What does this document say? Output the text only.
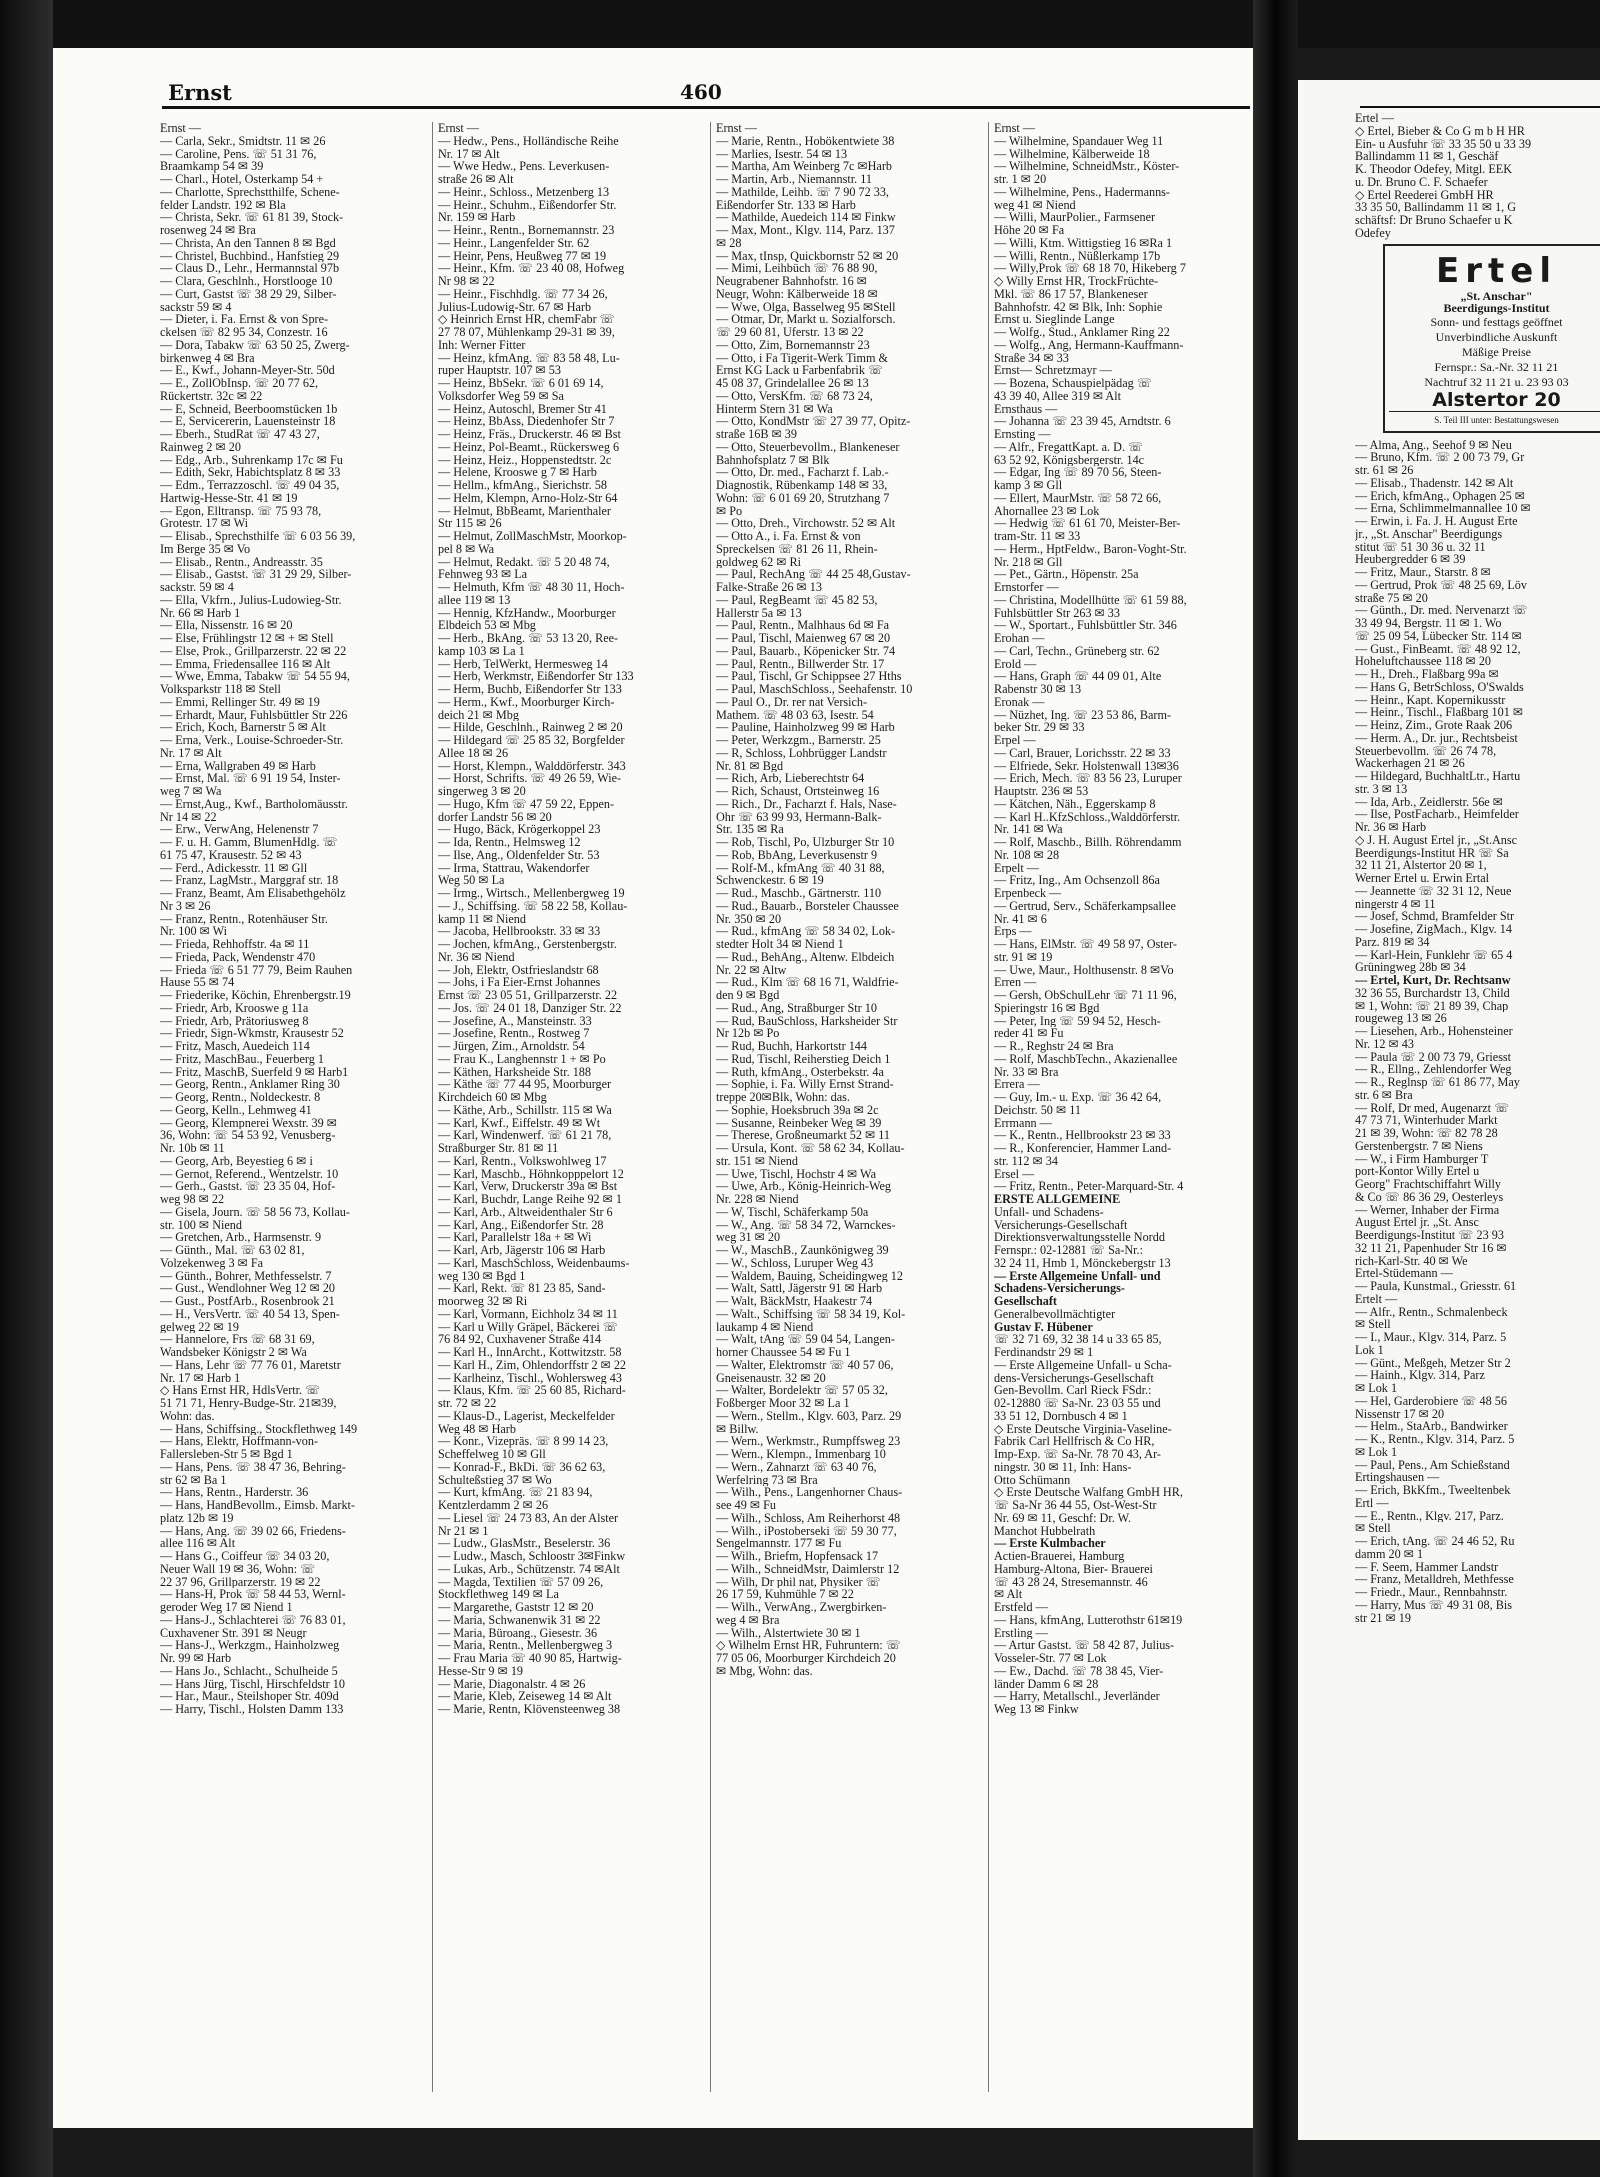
Ernst	460
Ernst —
— Carla, Sekr., Smidtstr. 11 ✉ 26
— Caroline, Pens. ☏ 51 31 76,
Braamkamp 54 ✉ 39
— Charl., Hotel, Osterkamp 54 +
— Charlotte, Sprechstthilfe, Schene-
felder Landstr. 192 ✉ Bla
— Christa, Sekr. ☏ 61 81 39, Stock-
rosenweg 24 ✉ Bra
— Christa, An den Tannen 8 ✉ Bgd
— Christel, Buchbind., Hanfstieg 29
— Claus D., Lehr., Hermannstal 97b
— Clara, Geschlnh., Horstlooge 10
— Curt, Gastst ☏ 38 29 29, Silber-
sackstr 59 ✉ 4
— Dieter, i. Fa. Ernst & von Spre-
ckelsen ☏ 82 95 34, Conzestr. 16
— Dora, Tabakw ☏ 63 50 25, Zwerg-
birkenweg 4 ✉ Bra
— E., Kwf., Johann-Meyer-Str. 50d
— E., ZollObInsp. ☏ 20 77 62,
Rückertstr. 32c ✉ 22
— E, Schneid, Beerboomstücken 1b
— E, Servicererin, Lauensteinstr 18
— Eberh., StudRat ☏ 47 43 27,
Rainweg 2 ✉ 20
— Edg., Arb., Suhrenkamp 17c ✉ Fu
— Edith, Sekr, Habichtsplatz 8 ✉ 33
— Edm., Terrazzoschl. ☏ 49 04 35,
Hartwig-Hesse-Str. 41 ✉ 19
— Egon, Elltransp. ☏ 75 93 78,
Grotestr. 17 ✉ Wi
— Elisab., Sprechsthilfe ☏ 6 03 56 39,
Im Berge 35 ✉ Vo
— Elisab., Rentn., Andreasstr. 35
— Elisab., Gastst. ☏ 31 29 29, Silber-
sackstr. 59 ✉ 4
— Ella, Vkfrn., Julius-Ludowieg-Str.
Nr. 66 ✉ Harb 1
— Ella, Nissenstr. 16 ✉ 20
— Else, Frühlingstr 12 ✉ + ✉ Stell
— Else, Prok., Grillparzerstr. 22 ✉ 22
— Emma, Friedensallee 116 ✉ Alt
— Wwe, Emma, Tabakw ☏ 54 55 94,
Volksparkstr 118 ✉ Stell
— Emmi, Rellinger Str. 49 ✉ 19
— Erhardt, Maur, Fuhlsbüttler Str 226
— Erich, Koch, Barnerstr 5 ✉ Alt
— Erna, Verk., Louise-Schroeder-Str.
Nr. 17 ✉ Alt
— Erna, Wallgraben 49 ✉ Harb
— Ernst, Mal. ☏ 6 91 19 54, Inster-
weg 7 ✉ Wa
— Ernst,Aug., Kwf., Bartholomäusstr.
Nr 14 ✉ 22
— Erw., VerwAng, Helenenstr 7
— F. u. H. Gamm, BlumenHdlg. ☏
61 75 47, Krausestr. 52 ✉ 43
— Ferd., Adickesstr. 11 ✉ Gll
— Franz, LagMstr., Marggraf str. 18
— Franz, Beamt, Am Elisabethgehölz
Nr 3 ✉ 26
— Franz, Rentn., Rotenhäuser Str.
Nr. 100 ✉ Wi
— Frieda, Rehhoffstr. 4a ✉ 11
— Frieda, Pack, Wendenstr 470
— Frieda ☏ 6 51 77 79, Beim Rauhen
Hause 55 ✉ 74
— Friederike, Köchin, Ehrenbergstr.19
— Friedr, Arb, Krooswe g 11a
— Friedr, Arb, Prätoriusweg 8
— Friedr, Sign-Wkmstr, Krausestr 52
— Fritz, Masch, Auedeich 114
— Fritz, MaschBau., Feuerberg 1
— Fritz, MaschB, Suerfeld 9 ✉ Harb1
— Georg, Rentn., Anklamer Ring 30
— Georg, Rentn., Noldeckestr. 8
— Georg, Kelln., Lehmweg 41
— Georg, Klempnerei Wexstr. 39 ✉
36, Wohn: ☏ 54 53 92, Venusberg-
Nr. 10b ✉ 11
— Georg, Arb, Beyestieg 6 ✉ i
— Gernot, Referend., Wentzelstr. 10
— Gerh., Gastst. ☏ 23 35 04, Hof-
weg 98 ✉ 22
— Gisela, Journ. ☏ 58 56 73, Kollau-
str. 100 ✉ Niend
— Gretchen, Arb., Harmsenstr. 9
— Günth., Mal. ☏ 63 02 81,
Volzekenweg 3 ✉ Fa
— Günth., Bohrer, Methfesselstr. 7
— Gust., Wendlohner Weg 12 ✉ 20
— Gust., PostfArb., Rosenbrook 21
— H., VersVertr. ☏ 40 54 13, Spen-
gelweg 22 ✉ 19
— Hannelore, Frs ☏ 68 31 69,
Wandsbeker Königstr 2 ✉ Wa
— Hans, Lehr ☏ 77 76 01, Maretstr
Nr. 17 ✉ Harb 1
◇ Hans Ernst HR, HdlsVertr. ☏
51 71 71, Henry-Budge-Str. 21✉39,
Wohn: das.
— Hans, Schiffsing., Stockflethweg 149
— Hans, Elektr, Hoffmann-von-
Fallersleben-Str 5 ✉ Bgd 1
— Hans, Pens. ☏ 38 47 36, Behring-
str 62 ✉ Ba 1
— Hans, Rentn., Harderstr. 36
— Hans, HandBevollm., Eimsb. Markt-
platz 12b ✉ 19
— Hans, Ang. ☏ 39 02 66, Friedens-
allee 116 ✉ Alt
— Hans G., Coiffeur ☏ 34 03 20,
Neuer Wall 19 ✉ 36, Wohn: ☏
22 37 96, Grillparzerstr. 19 ✉ 22
— Hans-H, Prok ☏ 58 44 53, Wernl-
geroder Weg 17 ✉ Niend 1
— Hans-J., Schlachterei ☏ 76 83 01,
Cuxhavener Str. 391 ✉ Neugr
— Hans-J., Werkzgm., Hainholzweg
Nr. 99 ✉ Harb
— Hans Jo., Schlacht., Schulheide 5
— Hans Jürg, Tischl, Hirschfeldstr 10
— Har., Maur., Steilshoper Str. 409d
— Harry, Tischl., Holsten Damm 133
Ernst —
— Hedw., Pens., Holländische Reihe
Nr. 17 ✉ Alt
— Wwe Hedw., Pens. Leverkusen-
straße 26 ✉ Alt
— Heinr., Schloss., Metzenberg 13
— Heinr., Schuhm., Eißendorfer Str.
Nr. 159 ✉ Harb
— Heinr., Rentn., Bornemannstr. 23
— Heinr., Langenfelder Str. 62
— Heinr, Pens, Heußweg 77 ✉ 19
— Heinr., Kfm. ☏ 23 40 08, Hofweg
Nr 98 ✉ 22
— Heinr., Fischhdlg. ☏ 77 34 26,
Julius-Ludowig-Str. 67 ✉ Harb
◇ Heinrich Ernst HR, chemFabr ☏
27 78 07, Mühlenkamp 29-31 ✉ 39,
Inh: Werner Fitter
— Heinz, kfmAng. ☏ 83 58 48, Lu-
ruper Hauptstr. 107 ✉ 53
— Heinz, BbSekr. ☏ 6 01 69 14,
Volksdorfer Weg 59 ✉ Sa
— Heinz, Autoschl, Bremer Str 41
— Heinz, BbAss, Diedenhofer Str 7
— Heinz, Fräs., Druckerstr. 46 ✉ Bst
— Heinz, Pol-Beamt., Rückersweg 6
— Heinz, Heiz., Hoppenstedtstr. 2c
— Helene, Krooswe g 7 ✉ Harb
— Hellm., kfmAng., Sierichstr. 58
— Helm, Klempn, Arno-Holz-Str 64
— Helmut, BbBeamt, Marienthaler
Str 115 ✉ 26
— Helmut, ZollMaschMstr, Moorkop-
pel 8 ✉ Wa
— Helmut, Redakt. ☏ 5 20 48 74,
Fehnweg 93 ✉ La
— Helmuth, Kfm ☏ 48 30 11, Hoch-
allee 119 ✉ 13
— Hennig, KfzHandw., Moorburger
Elbdeich 53 ✉ Mbg
— Herb., BkAng. ☏ 53 13 20, Ree-
kamp 103 ✉ La 1
— Herb, TelWerkt, Hermesweg 14
— Herb, Werkmstr, Eißendorfer Str 133
— Herm, Buchb, Eißendorfer Str 133
— Herm., Kwf., Moorburger Kirch-
deich 21 ✉ Mbg
— Hilde, Geschlnh., Rainweg 2 ✉ 20
— Hildegard ☏ 25 85 32, Borgfelder
Allee 18 ✉ 26
— Horst, Klempn., Walddörferstr. 343
— Horst, Schrifts. ☏ 49 26 59, Wie-
singerweg 3 ✉ 20
— Hugo, Kfm ☏ 47 59 22, Eppen-
dorfer Landstr 56 ✉ 20
— Hugo, Bäck, Krögerkoppel 23
— Ida, Rentn., Helmsweg 12
— Ilse, Ang., Oldenfelder Str. 53
— Irma, Stattrau, Wakendorfer
Weg 50 ✉ La
— Irmg., Wirtsch., Mellenbergweg 19
— J., Schiffsing. ☏ 58 22 58, Kollau-
kamp 11 ✉ Niend
— Jacoba, Hellbrookstr. 33 ✉ 33
— Jochen, kfmAng., Gerstenbergstr.
Nr. 36 ✉ Niend
— Joh, Elektr, Ostfrieslandstr 68
— Johs, i Fa Eier-Ernst Johannes
Ernst ☏ 23 05 51, Grillparzerstr. 22
— Jos. ☏ 24 01 18, Danziger Str. 22
— Josefine, A., Mansteinstr. 33
— Josefine, Rentn., Rostweg 7
— Jürgen, Zim., Arnoldstr. 54
— Frau K., Langhennstr 1 + ✉ Po
— Käthen, Harksheide Str. 188
— Käthe ☏ 77 44 95, Moorburger
Kirchdeich 60 ✉ Mbg
— Käthe, Arb., Schillstr. 115 ✉ Wa
— Karl, Kwf., Eiffelstr. 49 ✉ Wt
— Karl, Windenwerf. ☏ 61 21 78,
Straßburger Str. 81 ✉ 11
— Karl, Rentn., Volkswohlweg 17
— Karl, Maschb., Höhnkopppelort 12
— Karl, Verw, Druckerstr 39a ✉ Bst
— Karl, Buchdr, Lange Reihe 92 ✉ 1
— Karl, Arb., Altweidenthaler Str 6
— Karl, Ang., Eißendorfer Str. 28
— Karl, Parallelstr 18a + ✉ Wi
— Karl, Arb, Jägerstr 106 ✉ Harb
— Karl, MaschSchloss, Weidenbaums-
weg 130 ✉ Bgd 1
— Karl, Rekt. ☏ 81 23 85, Sand-
moorweg 32 ✉ Ri
— Karl, Vormann, Eichholz 34 ✉ 11
— Karl u Willy Gräpel, Bäckerei ☏
76 84 92, Cuxhavener Straße 414
— Karl H., InnArcht., Kottwitzstr. 58
— Karl H., Zim, Ohlendorffstr 2 ✉ 22
— Karlheinz, Tischl., Wohlersweg 43
— Klaus, Kfm. ☏ 25 60 85, Richard-
str. 72 ✉ 22
— Klaus-D., Lagerist, Meckelfelder
Weg 48 ✉ Harb
— Konr., Vizepräs. ☏ 8 99 14 23,
Scheffelweg 10 ✉ Gll
— Konrad-F., BkDi. ☏ 36 62 63,
Schulteßstieg 37 ✉ Wo
— Kurt, kfmAng. ☏ 21 83 94,
Kentzlerdamm 2 ✉ 26
— Liesel ☏ 24 73 83, An der Alster
Nr 21 ✉ 1
— Ludw., GlasMstr., Beselerstr. 36
— Ludw., Masch, Schloostr 3✉Finkw
— Lukas, Arb., Schützenstr. 74 ✉Alt
— Magda, Textilien ☏ 57 09 26,
Stockflethweg 149 ✉ La
— Margarethe, Gaststr 12 ✉ 20
— Maria, Schwanenwik 31 ✉ 22
— Maria, Büroang., Giesestr. 36
— Maria, Rentn., Mellenbergweg 3
— Frau Maria ☏ 40 90 85, Hartwig-
Hesse-Str 9 ✉ 19
— Marie, Diagonalstr. 4 ✉ 26
— Marie, Kleb, Zeiseweg 14 ✉ Alt
— Marie, Rentn, Klövensteenweg 38
Ernst —
— Marie, Rentn., Hobökentwiete 38
— Marlies, Isestr. 54 ✉ 13
— Martha, Am Weinberg 7c ✉Harb
— Martin, Arb., Niemannstr. 11
— Mathilde, Leihb. ☏ 7 90 72 33,
Eißendorfer Str. 133 ✉ Harb
— Mathilde, Auedeich 114 ✉ Finkw
— Max, Mont., Klgv. 114, Parz. 137
✉ 28
— Max, tInsp, Quickbornstr 52 ✉ 20
— Mimi, Leihbüch ☏ 76 88 90,
Neugrabener Bahnhofstr. 16 ✉
Neugr, Wohn: Kälberweide 18 ✉
— Wwe, Olga, Basselweg 95 ✉Stell
— Otmar, Dr, Markt u. Sozialforsch.
☏ 29 60 81, Uferstr. 13 ✉ 22
— Otto, Zim, Bornemannstr 23
— Otto, i Fa Tigerit-Werk Timm &
Ernst KG Lack u Farbenfabrik ☏
45 08 37, Grindelallee 26 ✉ 13
— Otto, VersKfm. ☏ 68 73 24,
Hinterm Stern 31 ✉ Wa
— Otto, KondMstr ☏ 27 39 77, Opitz-
straße 16B ✉ 39
— Otto, Steuerbevollm., Blankeneser
Bahnhofsplatz 7 ✉ Blk
— Otto, Dr. med., Facharzt f. Lab.-
Diagnostik, Rübenkamp 148 ✉ 33,
Wohn: ☏ 6 01 69 20, Strutzhang 7
✉ Po
— Otto, Dreh., Virchowstr. 52 ✉ Alt
— Otto A., i. Fa. Ernst & von
Spreckelsen ☏ 81 26 11, Rhein-
goldweg 62 ✉ Ri
— Paul, RechAng ☏ 44 25 48,Gustav-
Falke-Straße 26 ✉ 13
— Paul, RegBeamt ☏ 45 82 53,
Hallerstr 5a ✉ 13
— Paul, Rentn., Malhhaus 6d ✉ Fa
— Paul, Tischl, Maienweg 67 ✉ 20
— Paul, Bauarb., Köpenicker Str. 74
— Paul, Rentn., Billwerder Str. 17
— Paul, Tischl, Gr Schippsee 27 Hths
— Paul, MaschSchloss., Seehafenstr. 10
— Paul O., Dr. rer nat Versich-
Mathem. ☏ 48 03 63, Isestr. 54
— Pauline, Hainholzweg 99 ✉ Harb
— Peter, Werkzgm., Barnerstr. 25
— R, Schloss, Lohbrügger Landstr
Nr. 81 ✉ Bgd
— Rich, Arb, Lieberechtstr 64
— Rich, Schaust, Ortsteinweg 16
— Rich., Dr., Facharzt f. Hals, Nase-
Ohr ☏ 63 99 93, Hermann-Balk-
Str. 135 ✉ Ra
— Rob, Tischl, Po, Ulzburger Str 10
— Rob, BbAng, Leverkusenstr 9
— Rolf-M., kfmAng ☏ 40 31 88,
Schwenckestr. 6 ✉ 19
— Rud., Maschb., Gärtnerstr. 110
— Rud., Bauarb., Borsteler Chaussee
Nr. 350 ✉ 20
— Rud., kfmAng ☏ 58 34 02, Lok-
stedter Holt 34 ✉ Niend 1
— Rud., BehAng., Altenw. Elbdeich
Nr. 22 ✉ Altw
— Rud., Klm ☏ 68 16 71, Waldfrie-
den 9 ✉ Bgd
— Rud., Ang, Straßburger Str 10
— Rud, BauSchloss, Harksheider Str
Nr 12b ✉ Po
— Rud, Buchh, Harkortstr 144
— Rud, Tischl, Reiherstieg Deich 1
— Ruth, kfmAng., Osterbekstr. 4a
— Sophie, i. Fa. Willy Ernst Strand-
treppe 20✉Blk, Wohn: das.
— Sophie, Hoeksbruch 39a ✉ 2c
— Susanne, Reinbeker Weg ✉ 39
— Therese, Großneumarkt 52 ✉ 11
— Ursula, Kont. ☏ 58 62 34, Kollau-
str. 151 ✉ Niend
— Uwe, Tischl, Hochstr 4 ✉ Wa
— Uwe, Arb., König-Heinrich-Weg
Nr. 228 ✉ Niend
— W, Tischl, Schäferkamp 50a
— W., Ang. ☏ 58 34 72, Warnckes-
weg 31 ✉ 20
— W., MaschB., Zaunkönigweg 39
— W., Schloss, Luruper Weg 43
— Waldem, Bauing, Scheidingweg 12
— Walt, Sattl, Jägerstr 91 ✉ Harb
— Walt, BäckMstr, Haakestr 74
— Walt., Schiffsing ☏ 58 34 19, Kol-
laukamp 4 ✉ Niend
— Walt, tAng ☏ 59 04 54, Langen-
horner Chaussee 54 ✉ Fu 1
— Walter, Elektromstr ☏ 40 57 06,
Gneisenaustr. 32 ✉ 20
— Walter, Bordelektr ☏ 57 05 32,
Foßberger Moor 32 ✉ La 1
— Wern., Stellm., Klgv. 603, Parz. 29
✉ Billw.
— Wern., Werkmstr., Rumpffsweg 23
— Wern., Klempn., Immenbarg 10
— Wern., Zahnarzt ☏ 63 40 76,
Werfelring 73 ✉ Bra
— Wilh., Pens., Langenhorner Chaus-
see 49 ✉ Fu
— Wilh., Schloss, Am Reiherhorst 48
— Wilh., iPostoberseki ☏ 59 30 77,
Sengelmannstr. 177 ✉ Fu
— Wilh., Briefm, Hopfensack 17
— Wilh., SchneidMstr, Daimlerstr 12
— Wilh, Dr phil nat, Physiker ☏
26 17 59, Kuhmühle 7 ✉ 22
— Wilh., VerwAng., Zwergbirken-
weg 4 ✉ Bra
— Wilh., Alstertwiete 30 ✉ 1
◇ Wilhelm Ernst HR, Fuhruntern: ☏
77 05 06, Moorburger Kirchdeich 20
✉ Mbg, Wohn: das.
Ernst —
— Wilhelmine, Spandauer Weg 11
— Wilhelmine, Kälberweide 18
— Wilhelmine, SchneidMstr., Köster-
str. 1 ✉ 20
— Wilhelmine, Pens., Hadermanns-
weg 41 ✉ Niend
— Willi, MaurPolier., Farmsener
Höhe 20 ✉ Fa
— Willi, Ktm. Wittigstieg 16 ✉Ra 1
— Willi, Rentn., Nüßlerkamp 17b
— Willy,Prok ☏ 68 18 70, Hikeberg 7
◇ Willy Ernst HR, TrockFrüchte-
Mkl. ☏ 86 17 57, Blankeneser
Bahnhofstr. 42 ✉ Blk, Inh: Sophie
Ernst u. Sieglinde Lange
— Wolfg., Stud., Anklamer Ring 22
— Wolfg., Ang, Hermann-Kauffmann-
Straße 34 ✉ 33
Ernst— Schretzmayr —
— Bozena, Schauspielpädag ☏
43 39 40, Allee 319 ✉ Alt
Ernsthaus —
— Johanna ☏ 23 39 45, Arndtstr. 6
Ernsting —
— Alfr., FregattKapt. a. D. ☏
63 52 92, Königsbergerstr. 14c
— Edgar, Ing ☏ 89 70 56, Steen-
kamp 3 ✉ Gll
— Ellert, MaurMstr. ☏ 58 72 66,
Ahornallee 23 ✉ Lok
— Hedwig ☏ 61 61 70, Meister-Ber-
tram-Str. 11 ✉ 33
— Herm., HptFeldw., Baron-Voght-Str.
Nr. 218 ✉ Gll
— Pet., Gärtn., Höpenstr. 25a
Ernstorfer —
— Christina, Modellhütte ☏ 61 59 88,
Fuhlsbüttler Str 263 ✉ 33
— W., Sportart., Fuhlsbüttler Str. 346
Erohan —
— Carl, Techn., Grüneberg str. 62
Erold —
— Hans, Graph ☏ 44 09 01, Alte
Rabenstr 30 ✉ 13
Eronak —
— Nüzhet, Ing. ☏ 23 53 86, Barm-
beker Str. 29 ✉ 33
Erpel —
— Carl, Brauer, Lorichsstr. 22 ✉ 33
— Elfriede, Sekr. Holstenwall 13✉36
— Erich, Mech. ☏ 83 56 23, Luruper
Hauptstr. 236 ✉ 53
— Kätchen, Näh., Eggerskamp 8
— Karl H..KfzSchloss.,Walddörferstr.
Nr. 141 ✉ Wa
— Rolf, Maschb., Billh. Röhrendamm
Nr. 108 ✉ 28
Erpelt —
— Fritz, Ing., Am Ochsenzoll 86a
Erpenbeck —
— Gertrud, Serv., Schäferkampsallee
Nr. 41 ✉ 6
Erps —
— Hans, ElMstr. ☏ 49 58 97, Oster-
str. 91 ✉ 19
— Uwe, Maur., Holthusenstr. 8 ✉Vo
Erren —
— Gersh, ObSchulLehr ☏ 71 11 96,
Spieringstr 16 ✉ Bgd
— Peter, Ing ☏ 59 94 52, Hesch-
reder 41 ✉ Fu
— R., Reghstr 24 ✉ Bra
— Rolf, MaschbTechn., Akazienallee
Nr. 33 ✉ Bra
Errera —
— Guy, Im.- u. Exp. ☏ 36 42 64,
Deichstr. 50 ✉ 11
Errmann —
— K., Rentn., Hellbrookstr 23 ✉ 33
— R., Konferencier, Hammer Land-
str. 112 ✉ 34
Ersel —
— Fritz, Rentn., Peter-Marquard-Str. 4
ERSTE ALLGEMEINE
Unfall- und Schadens-
Versicherungs-Gesellschaft
Direktionsverwaltungsstelle Nordd
Fernspr.: 02-12881 ☏ Sa-Nr.:
32 24 11, Hmb 1, Mönckebergstr 13
— Erste Allgemeine Unfall- und
Schadens-Versicherungs-
Gesellschaft
Generalbevollmächtigter
Gustav F. Hübener
☏ 32 71 69, 32 38 14 u 33 65 85,
Ferdinandstr 29 ✉ 1
— Erste Allgemeine Unfall- u Scha-
dens-Versicherungs-Gesellschaft
Gen-Bevollm. Carl Rieck FSdr.:
02-12880 ☏ Sa-Nr. 23 03 55 und
33 51 12, Dornbusch 4 ✉ 1
◇ Erste Deutsche Virginia-Vaseline-
Fabrik Carl Hellfrisch & Co HR,
Imp-Exp. ☏ Sa-Nr. 78 70 43, Ar-
ningstr. 30 ✉ 11, Inh: Hans-
Otto Schümann
◇ Erste Deutsche Walfang GmbH HR,
☏ Sa-Nr 36 44 55, Ost-West-Str
Nr. 69 ✉ 11, Geschf: Dr. W.
Manchot Hubbelrath
— Erste Kulmbacher
Actien-Brauerei, Hamburg
Hamburg-Altona, Bier- Brauerei
☏ 43 28 24, Stresemannstr. 46
✉ Alt
Erstfeld —
— Hans, kfmAng, Lutterothstr 61✉19
Erstling —
— Artur Gastst. ☏ 58 42 87, Julius-
Vosseler-Str. 77 ✉ Lok
— Ew., Dachd. ☏ 78 38 45, Vier-
länder Damm 6 ✉ 28
— Harry, Metallschl., Jeverländer
Weg 13 ✉ Finkw
Ertel —
◇ Ertel, Bieber & Co G m b H HR
Ein- u Ausfuhr ☏ 33 35 50 u 33 39
Ballindamm 11 ✉ 1, Geschäf
K. Theodor Odefey, Mitgl. EEK
u. Dr. Bruno C. F. Schaefer
◇ Ertel Reederei GmbH HR
33 35 50, Ballindamm 11 ✉ 1, G
schäftsf: Dr Bruno Schaefer u K
Odefey
Ertel
„St. Anschar"
Beerdigungs-Institut
Sonn- und festtags geöffnet
Unverbindliche Auskunft
Mäßige Preise
Fernspr.: Sa.-Nr. 32 11 21
Nachtruf 32 11 21 u. 23 93 03
Alstertor 20
S. Teil III unter: Bestattungswesen
— Alma, Ang., Seehof 9 ✉ Neu
— Bruno, Kfm. ☏ 2 00 73 79, Gr
str. 61 ✉ 26
— Elisab., Thadenstr. 142 ✉ Alt
— Erich, kfmAng., Ophagen 25 ✉
— Erna, Schlimmelmannallee 10 ✉
— Erwin, i. Fa. J. H. August Erte
jr., „St. Anschar" Beerdigungs
stitut ☏ 51 30 36 u. 32 11
Heubergredder 6 ✉ 39
— Fritz, Maur., Starstr. 8 ✉
— Gertrud, Prok ☏ 48 25 69, Löv
straße 75 ✉ 20
— Günth., Dr. med. Nervenarzt ☏
33 49 94, Bergstr. 11 ✉ 1. Wo
☏ 25 09 54, Lübecker Str. 114 ✉
— Gust., FinBeamt. ☏ 48 92 12,
Hoheluftchaussee 118 ✉ 20
— H., Dreh., Flaßbarg 99a ✉
— Hans G, BetrSchloss, O'Swalds
— Heinr., Kapt. Kopernikusstr
— Heinr., Tischl., Flaßbarg 101 ✉
— Heinz, Zim., Grote Raak 206
— Herm. A., Dr. jur., Rechtsbeist
Steuerbevollm. ☏ 26 74 78,
Wackerhagen 21 ✉ 26
— Hildegard, BuchhaltLtr., Hartu
str. 3 ✉ 13
— Ida, Arb., Zeidlerstr. 56e ✉
— Ilse, PostFacharb., Heimfelder
Nr. 36 ✉ Harb
◇ J. H. August Ertel jr., „St.Ansc
Beerdigungs-Institut HR ☏ Sa
32 11 21, Alstertor 20 ✉ 1,
Werner Ertel u. Erwin Ertal
— Jeannette ☏ 32 31 12, Neue
ningerstr 4 ✉ 11
— Josef, Schmd, Bramfelder Str
— Josefine, ZigMach., Klgv. 14
Parz. 819 ✉ 34
— Karl-Hein, Funklehr ☏ 65 4
Grüningweg 28b ✉ 34
— Ertel, Kurt, Dr. Rechtsanw
32 36 55, Burchardstr 13, Child
✉ 1, Wohn: ☏ 21 89 39, Chap
rougeweg 13 ✉ 26
— Liesehen, Arb., Hohensteiner
Nr. 12 ✉ 43
— Paula ☏ 2 00 73 79, Griesst
— R., Ellng., Zehlendorfer Weg
— R., Reglnsp ☏ 61 86 77, May
str. 6 ✉ Bra
— Rolf, Dr med, Augenarzt ☏
47 73 71, Winterhuder Markt
21 ✉ 39, Wohn: ☏ 82 78 28
Gerstenbergstr. 7 ✉ Niens
— W., i Firm Hamburger T
port-Kontor Willy Ertel u
Georg" Frachtschiffahrt Willy
& Co ☏ 86 36 29, Oesterleys
— Werner, Inhaber der Firma
August Ertel jr. „St. Ansc
Beerdigungs-Institut ☏ 23 93
32 11 21, Papenhuder Str 16 ✉
rich-Karl-Str. 40 ✉ We
Ertel-Stüdemann —
— Paula, Kunstmal., Griesstr. 61
Ertelt —
— Alfr., Rentn., Schmalenbeck
✉ Stell
— I., Maur., Klgv. 314, Parz. 5
Lok 1
— Günt., Meßgeh, Metzer Str 2
— Hainh., Klgv. 314, Parz
✉ Lok 1
— Hel, Garderobiere ☏ 48 56
Nissenstr 17 ✉ 20
— Helm., StaArb., Bandwirker
— K., Rentn., Klgv. 314, Parz. 5
✉ Lok 1
— Paul, Pens., Am Schießstand
Ertingshausen —
— Erich, BkKfm., Tweeltenbek
Ertl —
— E., Rentn., Klgv. 217, Parz.
✉ Stell
— Erich, tAng. ☏ 24 46 52, Ru
damm 20 ✉ 1
— F. Seem, Hammer Landstr
— Franz, Metalldreh, Methfesse
— Friedr., Maur., Rennbahnstr.
— Harry, Mus ☏ 49 31 08, Bis
str 21 ✉ 19
